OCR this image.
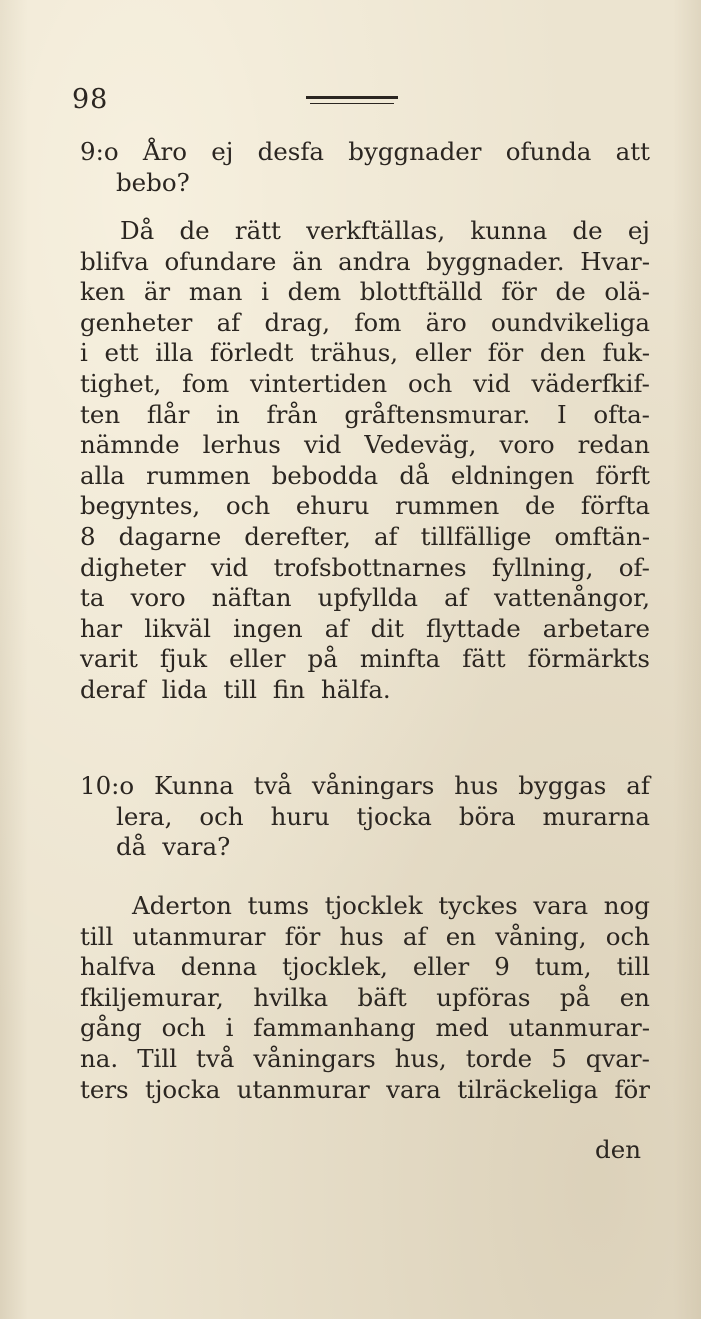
98
9:o Åro ej desfa byggnader ofunda att
bebo?
Då de rätt verkftällas, kunna de ej
blifva ofundare än andra byggnader. Hvar-
ken är man i dem blottftälld för de olä-
genheter af drag, fom äro oundvikeliga
i ett illa förledt trähus, eller för den fuk-
tighet, fom vintertiden och vid väderfkif-
ten flår in från gråftensmurar. I ofta-
nämnde lerhus vid Vedeväg, voro redan
alla rummen bebodda då eldningen förft
begyntes, och ehuru rummen de förfta
8 dagarne derefter, af tillfällige omftän-
digheter vid trofsbottnarnes fyllning, of-
ta voro näftan upfyllda af vattenångor,
har likväl ingen af dit flyttade arbetare
varit fjuk eller på minfta fätt förmärkts
deraf lida till fin hälfa.
10:o Kunna två våningars hus byggas af
lera, och huru tjocka böra murarna
då vara?
Aderton tums tjocklek tyckes vara nog
till utanmurar för hus af en våning, och
halfva denna tjocklek, eller 9 tum, till
fkiljemurar, hvilka bäft upföras på en
gång och i fammanhang med utanmurar-
na. Till två våningars hus, torde 5 qvar-
ters tjocka utanmurar vara tilräckeliga för
den
